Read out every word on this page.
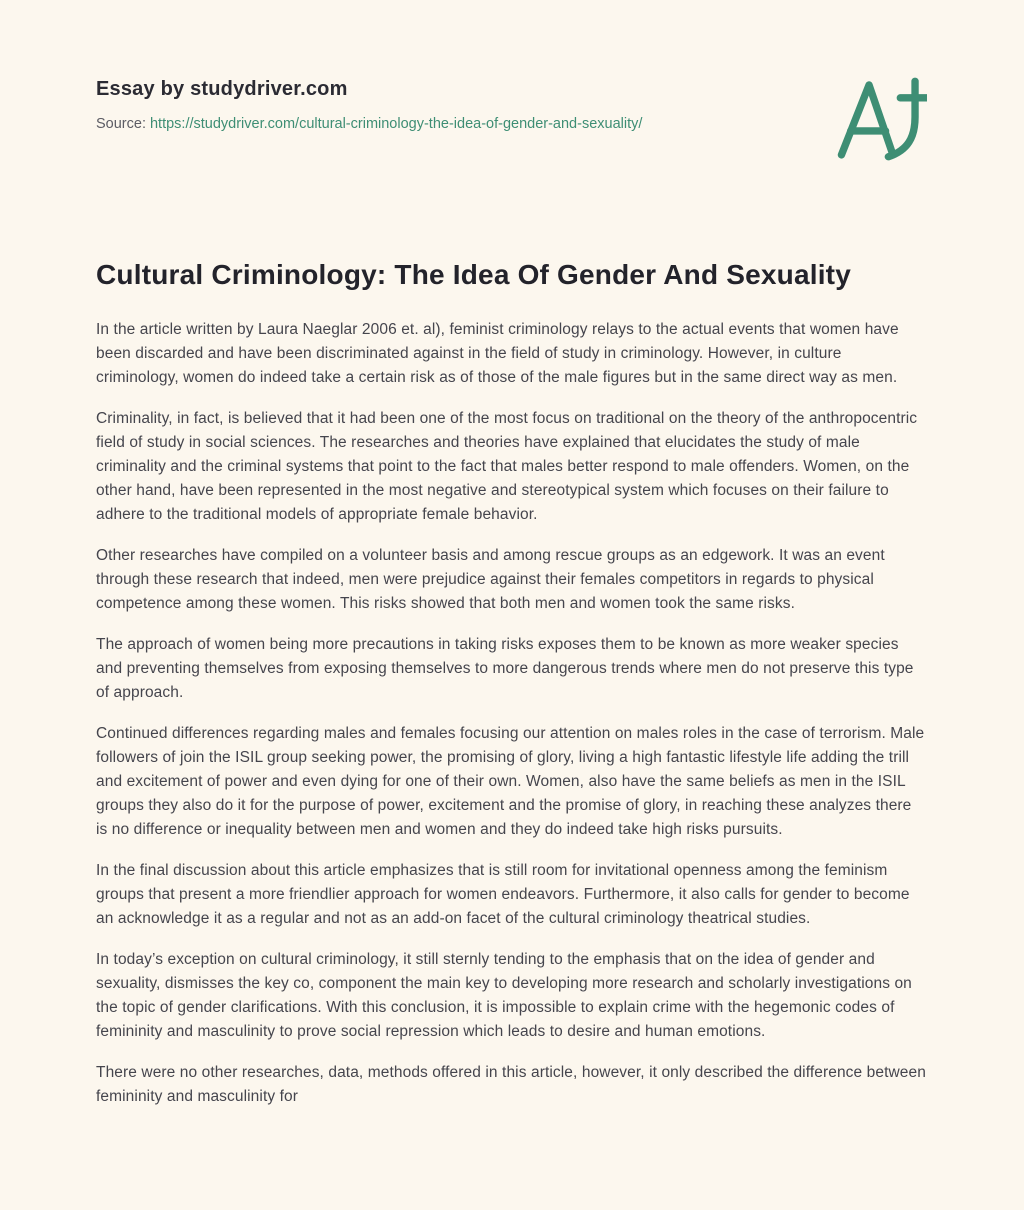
Essay by studydriver.com
Source: https://studydriver.com/cultural-criminology-the-idea-of-gender-and-sexuality/
Cultural Criminology: The Idea Of Gender And Sexuality

In the article written by Laura Naeglar 2006 et. al), feminist criminology relays to the actual events that women have been discarded and have been discriminated against in the field of study in criminology. However, in culture criminology, women do indeed take a certain risk as of those of the male figures but in the same direct way as men.

Criminality, in fact, is believed that it had been one of the most focus on traditional on the theory of the anthropocentric field of study in social sciences. The researches and theories have explained that elucidates the study of male criminality and the criminal systems that point to the fact that males better respond to male offenders. Women, on the other hand, have been represented in the most negative and stereotypical system which focuses on their failure to adhere to the traditional models of appropriate female behavior.

Other researches have compiled on a volunteer basis and among rescue groups as an edgework. It was an event through these research that indeed, men were prejudice against their females competitors in regards to physical competence among these women. This risks showed that both men and women took the same risks.

The approach of women being more precautions in taking risks exposes them to be known as more weaker species and preventing themselves from exposing themselves to more dangerous trends where men do not preserve this type of approach.

Continued differences regarding males and females focusing our attention on males roles in the case of terrorism. Male followers of join the ISIL group seeking power, the promising of glory, living a high fantastic lifestyle life adding the trill and excitement of power and even dying for one of their own. Women, also have the same beliefs as men in the ISIL groups they also do it for the purpose of power, excitement and the promise of glory, in reaching these analyzes there is no difference or inequality between men and women and they do indeed take high risks pursuits.

In the final discussion about this article emphasizes that is still room for invitational openness among the feminism groups that present a more friendlier approach for women endeavors. Furthermore, it also calls for gender to become an acknowledge it as a regular and not as an add-on facet of the cultural criminology theatrical studies.

In today’s exception on cultural criminology, it still sternly tending to the emphasis that on the idea of gender and sexuality, dismisses the key co, component the main key to developing more research and scholarly investigations on the topic of gender clarifications. With this conclusion, it is impossible to explain crime with the hegemonic codes of femininity and masculinity to prove social repression which leads to desire and human emotions.

There were no other researches, data, methods offered in this article, however, it only described the difference between femininity and masculinity for
